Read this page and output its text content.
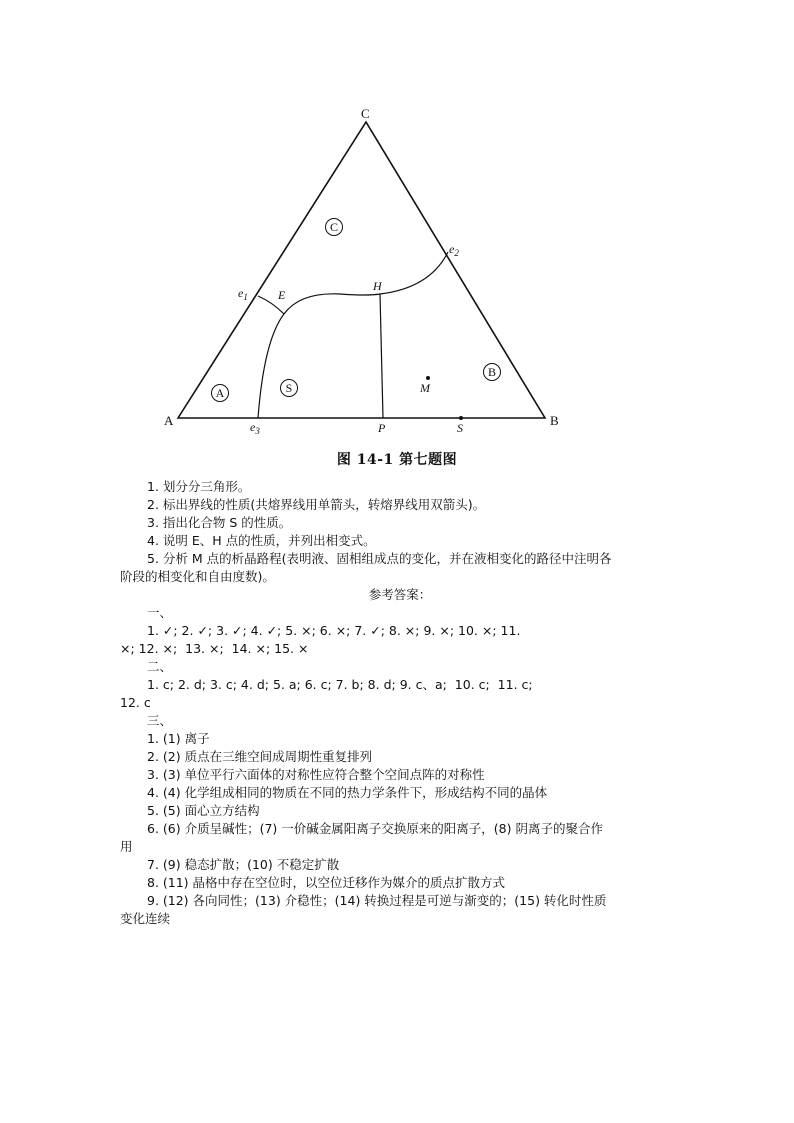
C
A	B
$e_1$
$e_2$
$e_3$
E
H
P	S
M
C
A	S
B
图 14-1 第七题图

1. 划分分三角形。

2. 标出界线的性质(共熔界线用单箭头，转熔界线用双箭头)。

3. 指出化合物 S 的性质。

4. 说明 E、H 点的性质，并列出相变式。

5. 分析 M 点的析晶路程(表明液、固相组成点的变化，并在液相变化的路径中注明各

阶段的相变化和自由度数)。

参考答案：

一、

1. ✓; 2. ✓; 3. ✓; 4. ✓; 5. ×; 6. ×; 7. ✓; 8. ×; 9. ×; 10. ×; 11.

×; 12. ×;  13. ×;  14. ×; 15. ×

二、

1. c; 2. d; 3. c; 4. d; 5. a; 6. c; 7. b; 8. d; 9. c、a;  10. c;  11. c;

12. c

三、

1. (1) 离子

2. (2) 质点在三维空间成周期性重复排列

3. (3) 单位平行六面体的对称性应符合整个空间点阵的对称性

4. (4) 化学组成相同的物质在不同的热力学条件下，形成结构不同的晶体

5. (5) 面心立方结构

6. (6) 介质呈碱性；(7) 一价碱金属阳离子交换原来的阳离子，(8) 阴离子的聚合作

用

7. (9) 稳态扩散；(10) 不稳定扩散

8. (11) 晶格中存在空位时，以空位迁移作为媒介的质点扩散方式

9. (12) 各向同性；(13) 介稳性；(14) 转换过程是可逆与渐变的；(15) 转化时性质

变化连续
